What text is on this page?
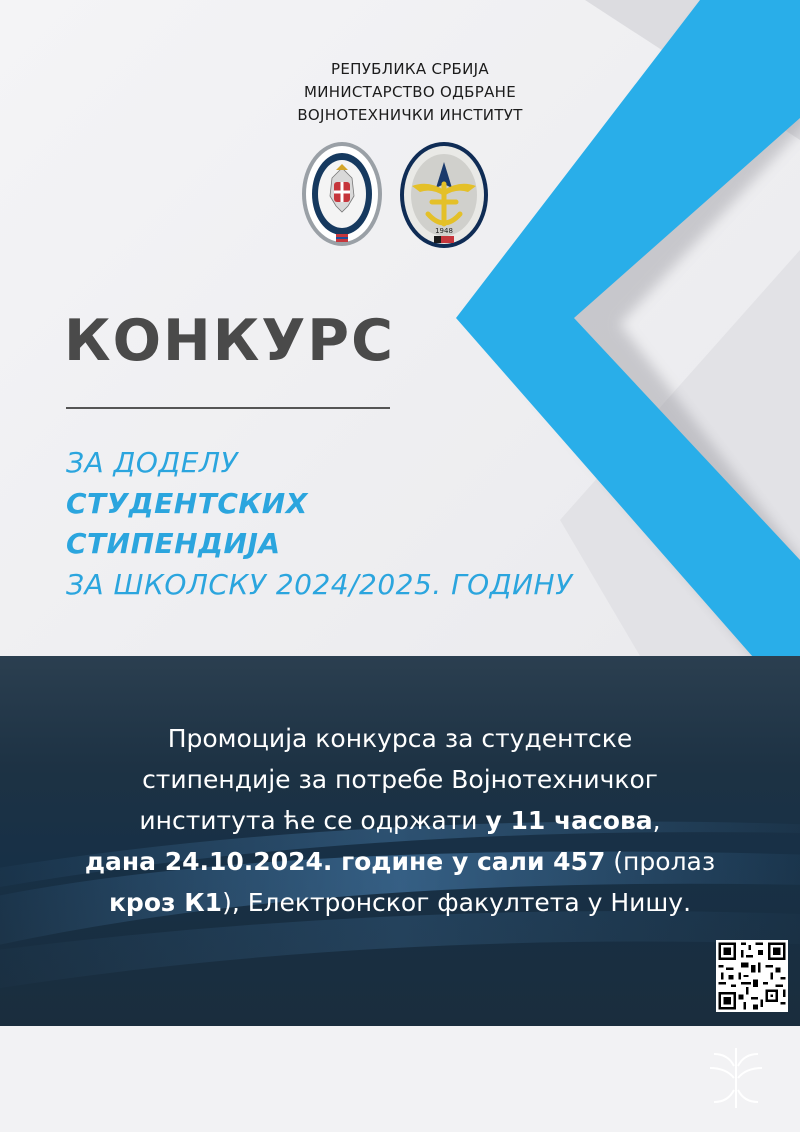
РЕПУБЛИКА СРБИЈА
МИНИСТАРСТВО ОДБРАНЕ
ВОЈНОТЕХНИЧКИ ИНСТИТУТ
1948
КОНКУРС
ЗА ДОДЕЛУ
СТУДЕНТСКИХ
СТИПЕНДИЈА
ЗА ШКОЛСКУ 2024/2025. ГОДИНУ
Промоција конкурса за студентске
стипендије за потребе Војнотехничког
института ће се одржати у 11 часова,
дана 24.10.2024. године у сали 457 (пролаз
кроз К1), Електронског факултета у Нишу.
